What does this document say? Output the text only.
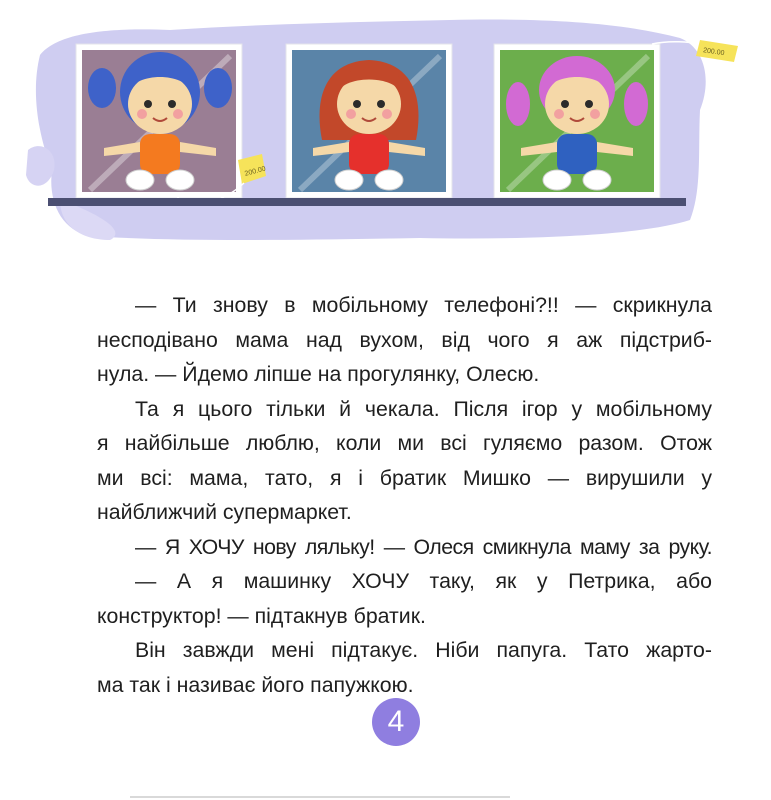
200.00
200.00

— Ти знову в мобільному телефоні?!! — скрикнула
несподівано мама над вухом, від чого я аж підстриб-
нула. — Йдемо ліпше на прогулянку, Олесю.

Та я цього тільки й чекала. Після ігор у мобільному
я найбільше люблю, коли ми всі гуляємо разом. Отож
ми всі: мама, тато, я і братик Мишко — вирушили у
найближчий супермаркет.

— Я ХОЧУ нову ляльку! — Олеся смикнула маму за руку.

— А я машинку ХОЧУ таку, як у Петрика, або
конструктор! — підтакнув братик.

Він завжди мені підтакує. Ніби папуга. Тато жарто-
ма так і називає його папужкою.

4
